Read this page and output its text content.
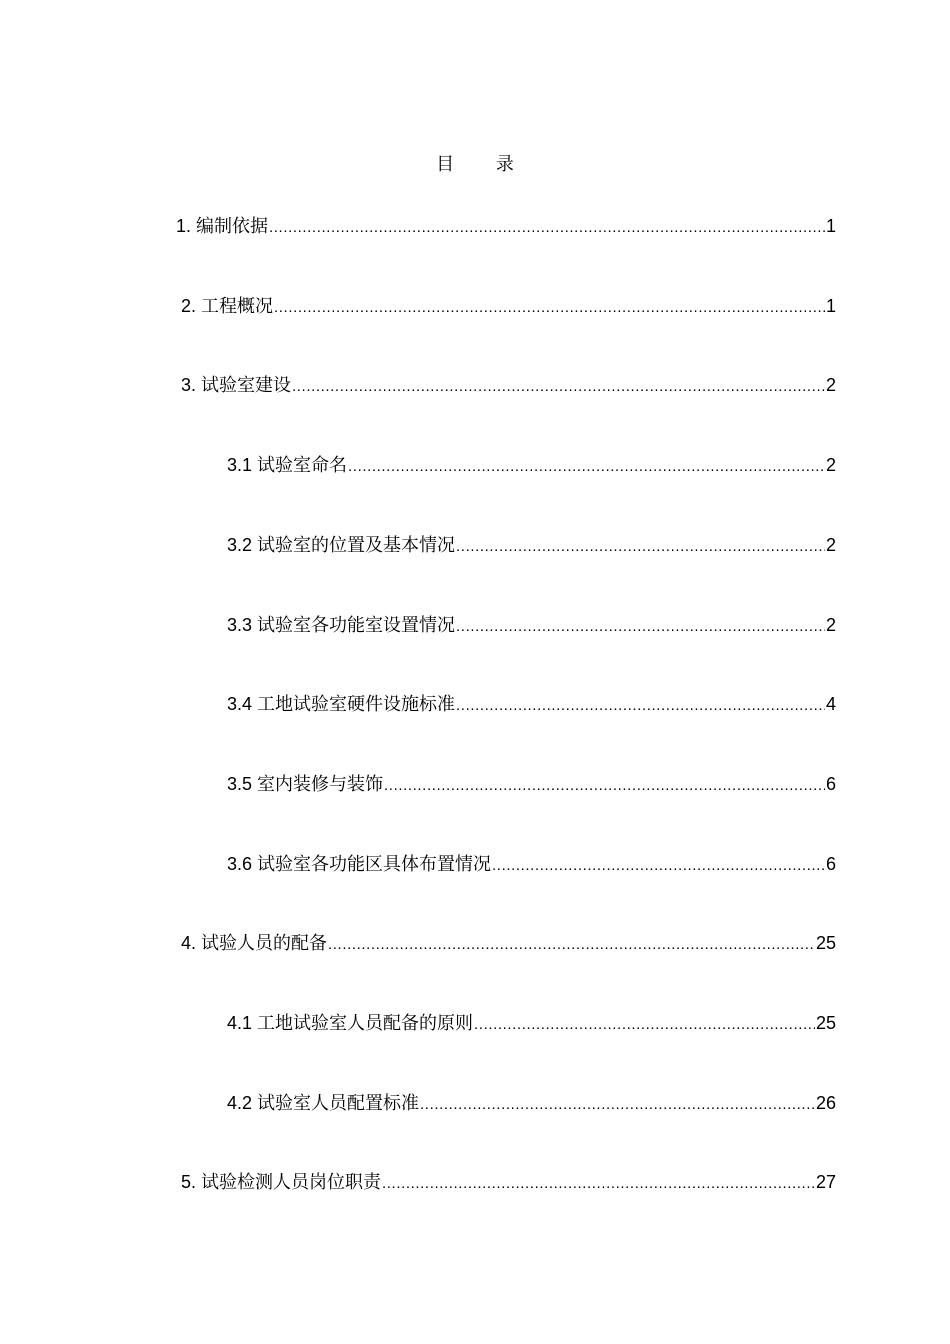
目 录
1. 编制依据 .....	1
2. 工程概况 .....	1
3. 试验室建设 .....	2
3.1 试验室命名 .....	2
3.2 试验室的位置及基本情况 .....	2
3.3 试验室各功能室设置情况 .....	2
3.4 工地试验室硬件设施标准 .....	4
3.5 室内装修与装饰 .....	6
3.6 试验室各功能区具体布置情况 .....	6
4. 试验人员的配备 .....	25
4.1 工地试验室人员配备的原则 .....	25
4.2 试验室人员配置标准 .....	26
5. 试验检测人员岗位职责 .....	27
